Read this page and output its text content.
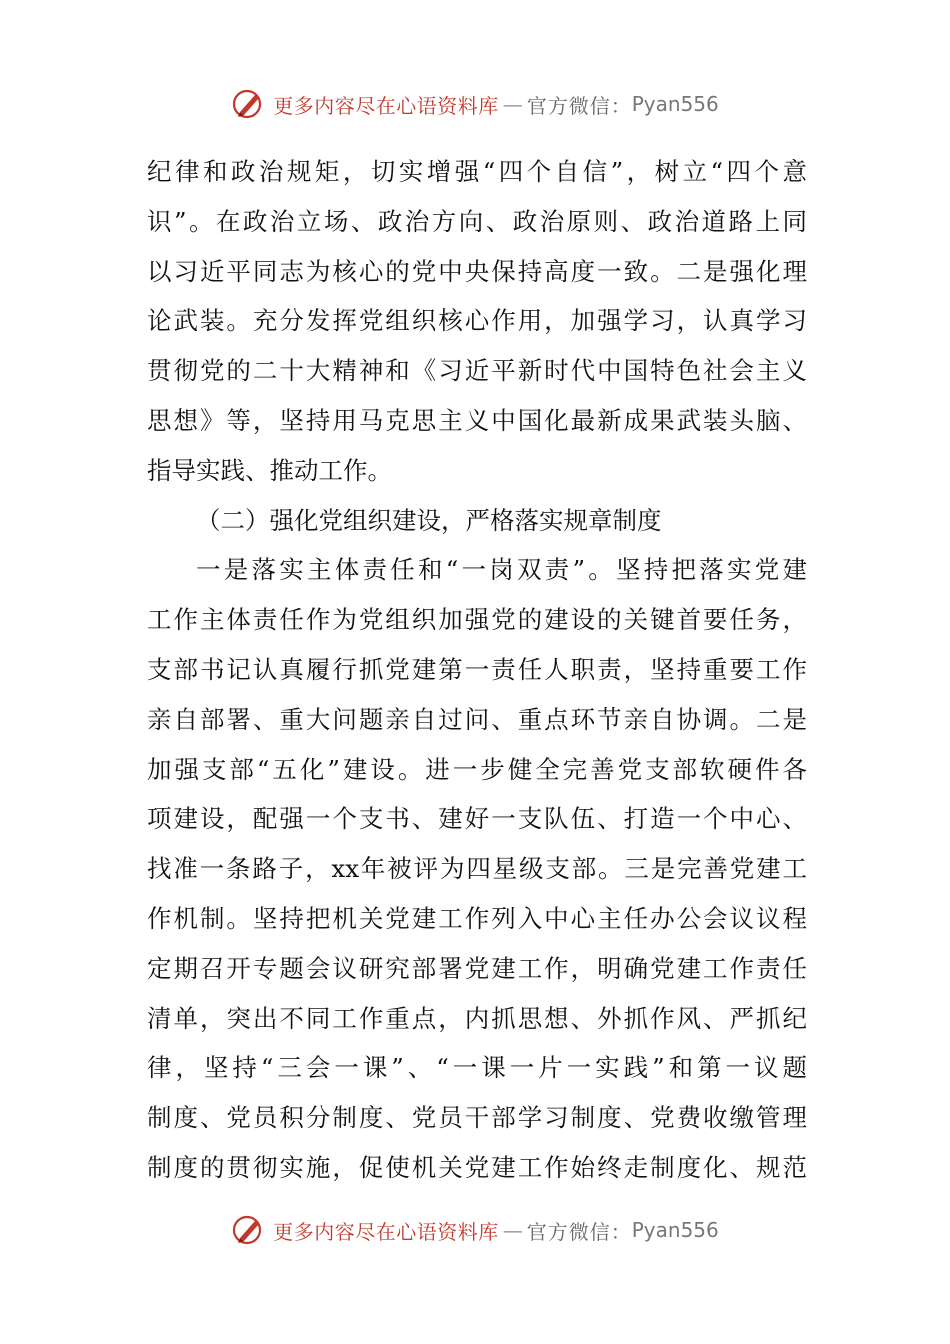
更多内容尽在心语资料库 — 官方微信： Pyan556
纪律和政治规矩，切实增强“四个自信”，树立“四个意
识”。在政治立场、政治方向、政治原则、政治道路上同
以习近平同志为核心的党中央保持高度一致。二是强化理
论武装。充分发挥党组织核心作用，加强学习，认真学习
贯彻党的二十大精神和《习近平新时代中国特色社会主义
思想》等，坚持用马克思主义中国化最新成果武装头脑、
指导实践、推动工作。
（二）强化党组织建设，严格落实规章制度
一是落实主体责任和“一岗双责”。坚持把落实党建
工作主体责任作为党组织加强党的建设的关键首要任务，
支部书记认真履行抓党建第一责任人职责，坚持重要工作
亲自部署、重大问题亲自过问、重点环节亲自协调。二是
加强支部“五化”建设。进一步健全完善党支部软硬件各
项建设，配强一个支书、建好一支队伍、打造一个中心、
找准一条路子，xx年被评为四星级支部。三是完善党建工
作机制。坚持把机关党建工作列入中心主任办公会议议程
定期召开专题会议研究部署党建工作，明确党建工作责任
清单，突出不同工作重点，内抓思想、外抓作风、严抓纪
律，坚持“三会一课”、“一课一片一实践”和第一议题
制度、党员积分制度、党员干部学习制度、党费收缴管理
制度的贯彻实施，促使机关党建工作始终走制度化、规范
更多内容尽在心语资料库 — 官方微信： Pyan556
